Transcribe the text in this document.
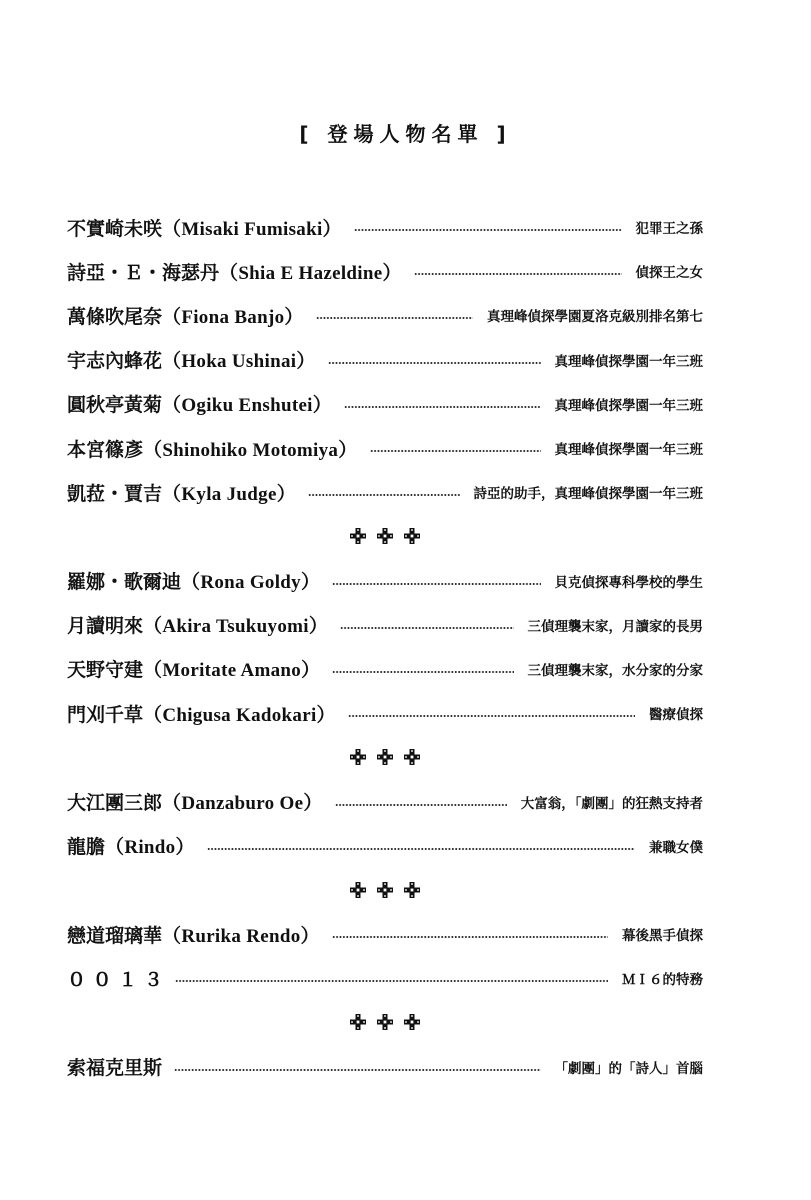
[ 登場人物名單 ]
不實崎未咲 （Misaki Fumisaki）	犯罪王之孫
詩亞・Ｅ・海瑟丹 （Shia E Hazeldine）	偵探王之女
萬條吹尾奈 （Fiona Banjo）	真理峰偵探學園夏洛克級別排名第七
宇志內蜂花 （Hoka Ushinai）	真理峰偵探學園一年三班
圓秋亭黃菊 （Ogiku Enshutei）	真理峰偵探學園一年三班
本宮篠彥 （Shinohiko Motomiya）	真理峰偵探學園一年三班
凱菈・賈吉 （Kyla Judge）	詩亞的助手，真理峰偵探學園一年三班
羅娜・歌爾迪 （Rona Goldy）	貝克偵探專科學校的學生
月讀明來 （Akira Tsukuyomi）	三偵理襲末家，月讀家的長男
天野守建 （Moritate Amano）	三偵理襲末家，水分家的分家
門刈千草 （Chigusa Kadokari）	醫療偵探
大江團三郎 （Danzaburo Oe）	大富翁，「劇團」的狂熱支持者
龍膽 （Rindo）	兼職女僕
戀道瑠璃華 （Rurika Rendo）	幕後黑手偵探
０ ０ １ ３	ＭＩ６的特務
索福克里斯	「劇團」的「詩人」首腦
